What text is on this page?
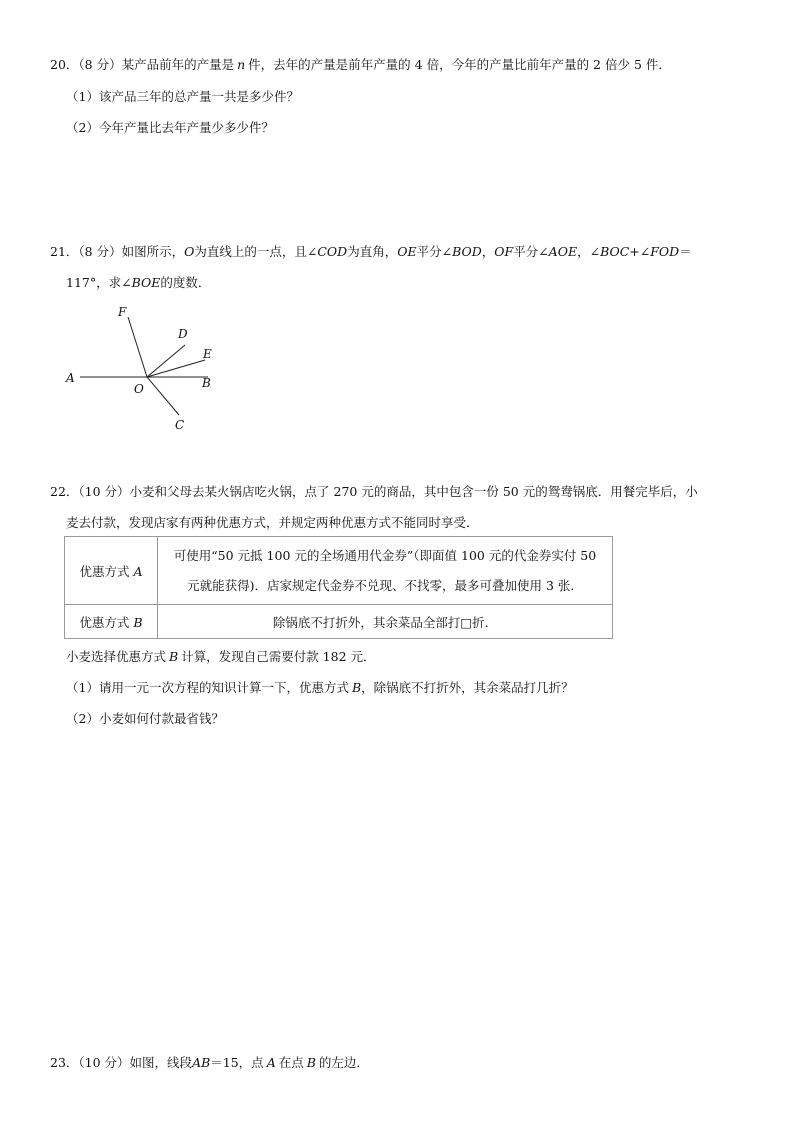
20．（8 分）某产品前年的产量是 n 件，去年的产量是前年产量的 4 倍，今年的产量比前年产量的 2 倍少 5 件．
（1）该产品三年的总产量一共是多少件？
（2）今年产量比去年产量少多少件？
21．（8 分）如图所示，O为直线上的一点，且∠COD为直角，OE平分∠BOD，OF平分∠AOE，∠BOC+∠FOD＝
117°，求∠BOE的度数．
A	B
C
D
E
F
O
22．（10 分）小麦和父母去某火锅店吃火锅，点了 270 元的商品，其中包含一份 50 元的鸳鸯锅底．用餐完毕后，小
麦去付款，发现店家有两种优惠方式，并规定两种优惠方式不能同时享受．
优惠方式 A	可使用“50 元抵 100 元的全场通用代金券”（即面值 100 元的代金券实付 50
元就能获得)．店家规定代金券不兑现、不找零，最多可叠加使用 3 张．

优惠方式 B	除锅底不打折外，其余菜品全部打□折．
小麦选择优惠方式 B 计算，发现自己需要付款 182 元．
（1）请用一元一次方程的知识计算一下，优惠方式 B，除锅底不打折外，其余菜品打几折？
（2）小麦如何付款最省钱？
23．（10 分）如图，线段AB＝15，点 A 在点 B 的左边．
